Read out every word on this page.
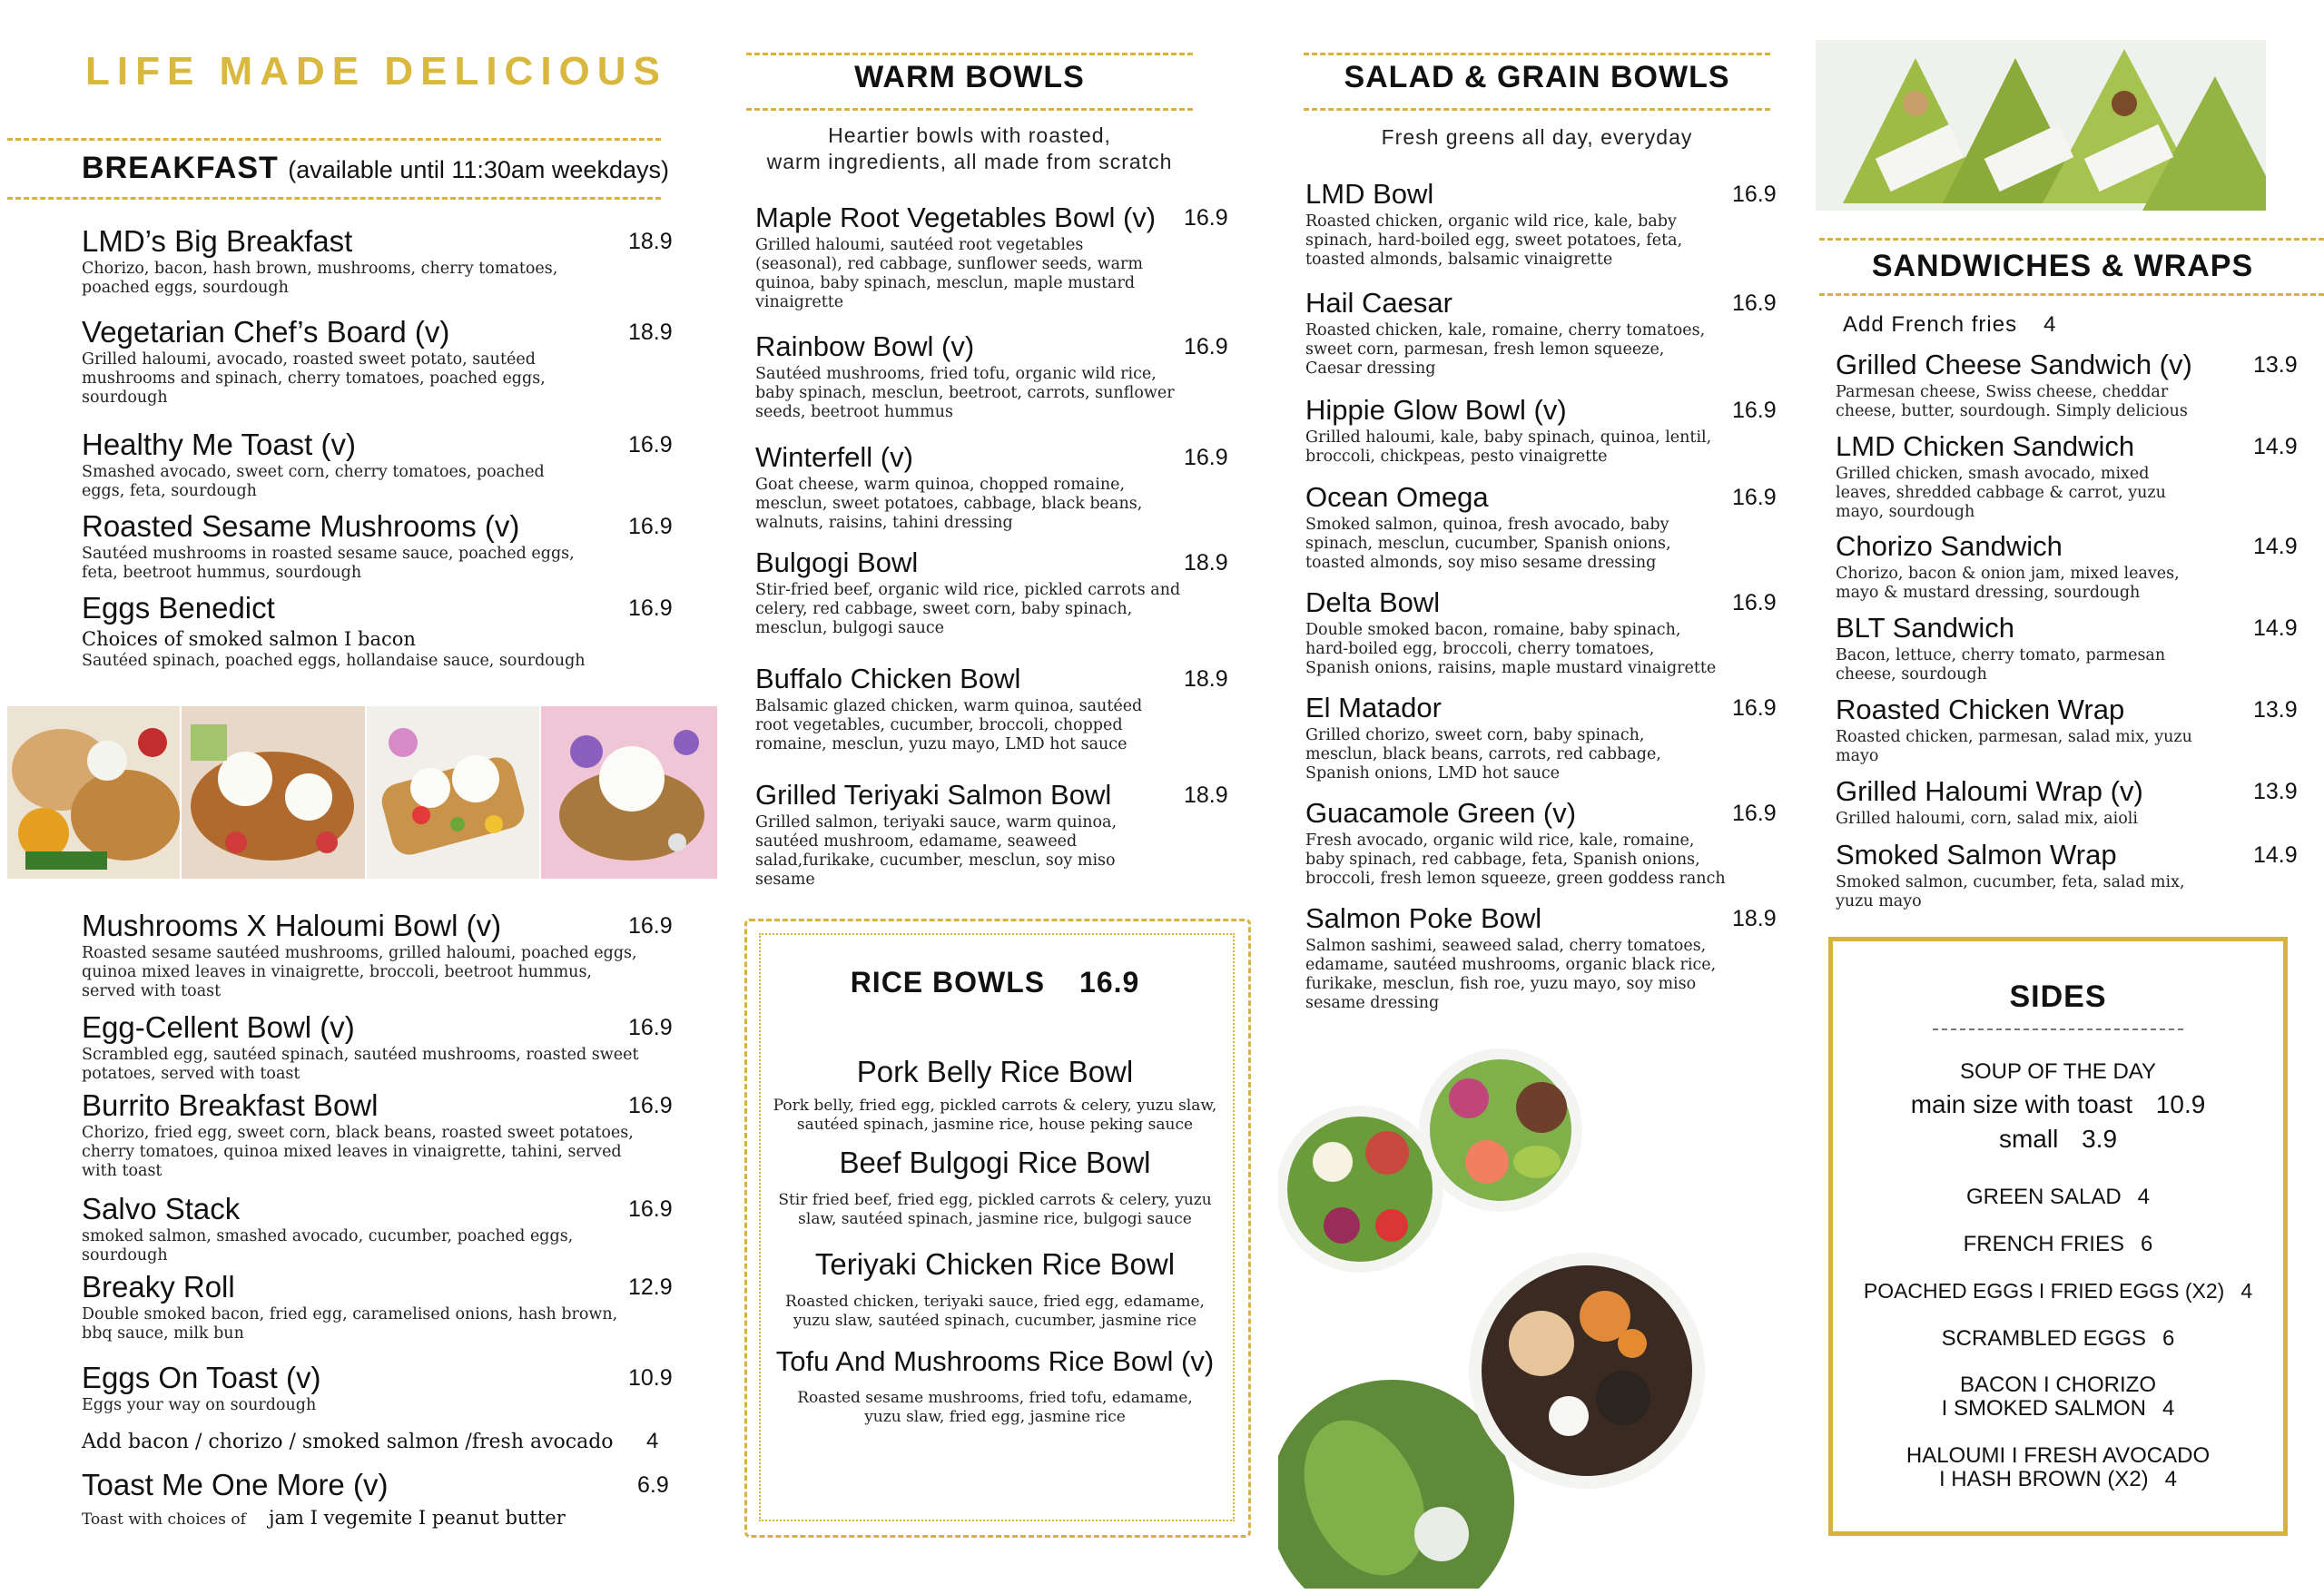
LIFE MADE DELICIOUS
BREAKFAST (available until 11:30am weekdays)
LMD’s Big Breakfast	18.9
Chorizo, bacon, hash brown, mushrooms, cherry tomatoes, poached eggs, sourdough
Vegetarian Chef’s Board (v)	18.9
Grilled haloumi, avocado, roasted sweet potato, sautéed mushrooms and spinach, cherry tomatoes, poached eggs, sourdough
Healthy Me Toast (v)	16.9
Smashed avocado, sweet corn, cherry tomatoes, poached eggs, feta, sourdough
Roasted Sesame Mushrooms (v)	16.9
Sautéed mushrooms in roasted sesame sauce, poached eggs, feta, beetroot hummus, sourdough
Eggs Benedict	16.9
Choices of smoked salmon I bacon
Sautéed spinach, poached eggs, hollandaise sauce, sourdough
Mushrooms X Haloumi Bowl (v)	16.9
Roasted sesame sautéed mushrooms, grilled haloumi, poached eggs, quinoa mixed leaves in vinaigrette, broccoli, beetroot hummus, served with toast
Egg-Cellent Bowl (v)	16.9
Scrambled egg, sautéed spinach, sautéed mushrooms, roasted sweet potatoes, served with toast
Burrito Breakfast Bowl	16.9
Chorizo, fried egg, sweet corn, black beans, roasted sweet potatoes, cherry tomatoes, quinoa mixed leaves in vinaigrette, tahini, served with toast
Salvo Stack	16.9
smoked salmon, smashed avocado, cucumber, poached eggs, sourdough
Breaky Roll	12.9
Double smoked bacon, fried egg, caramelised onions, hash brown, bbq sauce, milk bun
Eggs On Toast (v)	10.9
Eggs your way on sourdough
Add bacon / chorizo / smoked salmon /fresh avocado	4
Toast Me One More (v)	6.9
Toast with choices of jam I vegemite I peanut butter
WARM BOWLS
Heartier bowls with roasted,
warm ingredients, all made from scratch
Maple Root Vegetables Bowl (v)	16.9
Grilled haloumi, sautéed root vegetables (seasonal), red cabbage, sunflower seeds, warm quinoa, baby spinach, mesclun, maple mustard vinaigrette
Rainbow Bowl (v)	16.9
Sautéed mushrooms, fried tofu, organic wild rice, baby spinach, mesclun, beetroot, carrots, sunflower seeds, beetroot hummus
Winterfell (v)	16.9
Goat cheese, warm quinoa, chopped romaine, mesclun, sweet potatoes, cabbage, black beans, walnuts, raisins, tahini dressing
Bulgogi Bowl	18.9
Stir-fried beef, organic wild rice, pickled carrots and celery, red cabbage, sweet corn, baby spinach, mesclun, bulgogi sauce
Buffalo Chicken Bowl	18.9
Balsamic glazed chicken, warm quinoa, sautéed root vegetables, cucumber, broccoli, chopped romaine, mesclun, yuzu mayo, LMD hot sauce
Grilled Teriyaki Salmon Bowl	18.9
Grilled salmon, teriyaki sauce, warm quinoa, sautéed mushroom, edamame, seaweed salad,furikake, cucumber, mesclun, soy miso sesame
RICE BOWLS 16.9
Pork Belly Rice Bowl
Pork belly, fried egg, pickled carrots & celery, yuzu slaw, sautéed spinach, jasmine rice, house peking sauce
Beef Bulgogi Rice Bowl
Stir fried beef, fried egg, pickled carrots & celery, yuzu slaw, sautéed spinach, jasmine rice, bulgogi sauce
Teriyaki Chicken Rice Bowl
Roasted chicken, teriyaki sauce, fried egg, edamame, yuzu slaw, sautéed spinach, cucumber, jasmine rice
Tofu And Mushrooms Rice Bowl (v)
Roasted sesame mushrooms, fried tofu, edamame, yuzu slaw, fried egg, jasmine rice
SALAD & GRAIN BOWLS
Fresh greens all day, everyday
LMD Bowl	16.9
Roasted chicken, organic wild rice, kale, baby spinach, hard-boiled egg, sweet potatoes, feta, toasted almonds, balsamic vinaigrette
Hail Caesar	16.9
Roasted chicken, kale, romaine, cherry tomatoes, sweet corn, parmesan, fresh lemon squeeze, Caesar dressing
Hippie Glow Bowl (v)	16.9
Grilled haloumi, kale, baby spinach, quinoa, lentil, broccoli, chickpeas, pesto vinaigrette
Ocean Omega	16.9
Smoked salmon, quinoa, fresh avocado, baby spinach, mesclun, cucumber, Spanish onions, toasted almonds, soy miso sesame dressing
Delta Bowl	16.9
Double smoked bacon, romaine, baby spinach, hard-boiled egg, broccoli, cherry tomatoes, Spanish onions, raisins, maple mustard vinaigrette
El Matador	16.9
Grilled chorizo, sweet corn, baby spinach, mesclun, black beans, carrots, red cabbage, Spanish onions, LMD hot sauce
Guacamole Green (v)	16.9
Fresh avocado, organic wild rice, kale, romaine, baby spinach, red cabbage, feta, Spanish onions, broccoli, fresh lemon squeeze, green goddess ranch
Salmon Poke Bowl	18.9
Salmon sashimi, seaweed salad, cherry tomatoes, edamame, sautéed mushrooms, organic black rice, furikake, mesclun, fish roe, yuzu mayo, soy miso sesame dressing
SANDWICHES & WRAPS
Add French fries 4
Grilled Cheese Sandwich (v)	13.9
Parmesan cheese, Swiss cheese, cheddar cheese, butter, sourdough. Simply delicious
LMD Chicken Sandwich	14.9
Grilled chicken, smash avocado, mixed leaves, shredded cabbage & carrot, yuzu mayo, sourdough
Chorizo Sandwich	14.9
Chorizo, bacon & onion jam, mixed leaves, mayo & mustard dressing, sourdough
BLT Sandwich	14.9
Bacon, lettuce, cherry tomato, parmesan cheese, sourdough
Roasted Chicken Wrap	13.9
Roasted chicken, parmesan, salad mix, yuzu mayo
Grilled Haloumi Wrap (v)	13.9
Grilled haloumi, corn, salad mix, aioli
Smoked Salmon Wrap	14.9
Smoked salmon, cucumber, feta, salad mix, yuzu mayo
SIDES
SOUP OF THE DAY
main size with toast 10.9
small 3.9
GREEN SALAD 4
FRENCH FRIES 6
POACHED EGGS I FRIED EGGS (X2) 4
SCRAMBLED EGGS 6
BACON I CHORIZO
I SMOKED SALMON 4
HALOUMI I FRESH AVOCADO
I HASH BROWN (X2) 4
